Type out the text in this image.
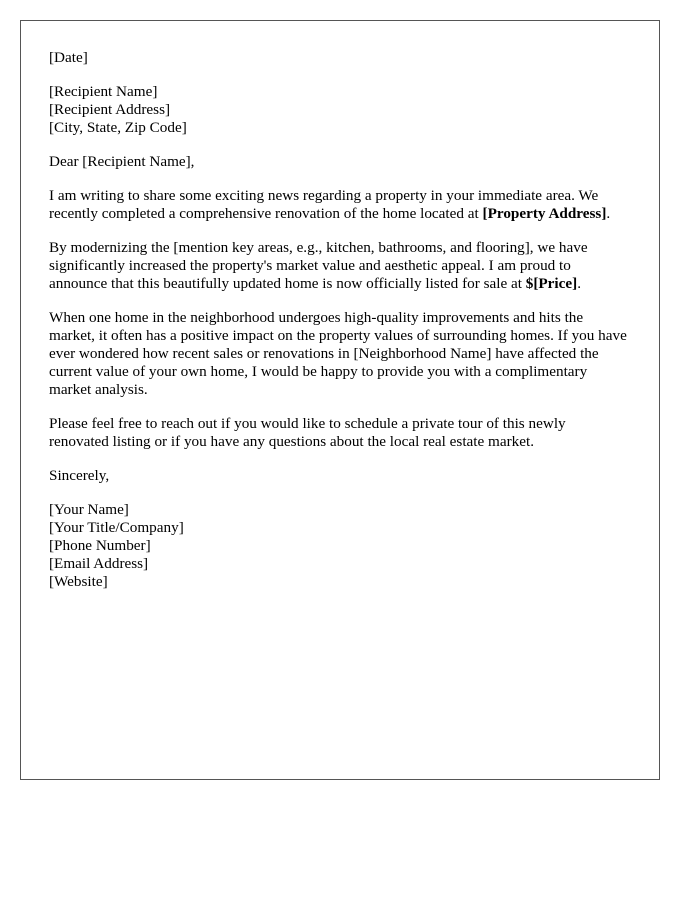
[Date]
[Recipient Name]
[Recipient Address]
[City, State, Zip Code]

Dear [Recipient Name],

I am writing to share some exciting news regarding a property in your immediate area. We recently completed a comprehensive renovation of the home located at [Property Address].

By modernizing the [mention key areas, e.g., kitchen, bathrooms, and flooring], we have significantly increased the property's market value and aesthetic appeal. I am proud to announce that this beautifully updated home is now officially listed for sale at $[Price].

When one home in the neighborhood undergoes high-quality improvements and hits the market, it often has a positive impact on the property values of surrounding homes. If you have ever wondered how recent sales or renovations in [Neighborhood Name] have affected the current value of your own home, I would be happy to provide you with a complimentary market analysis.

Please feel free to reach out if you would like to schedule a private tour of this newly renovated listing or if you have any questions about the local real estate market.

Sincerely,

[Your Name]
[Your Title/Company]
[Phone Number]
[Email Address]
[Website]
